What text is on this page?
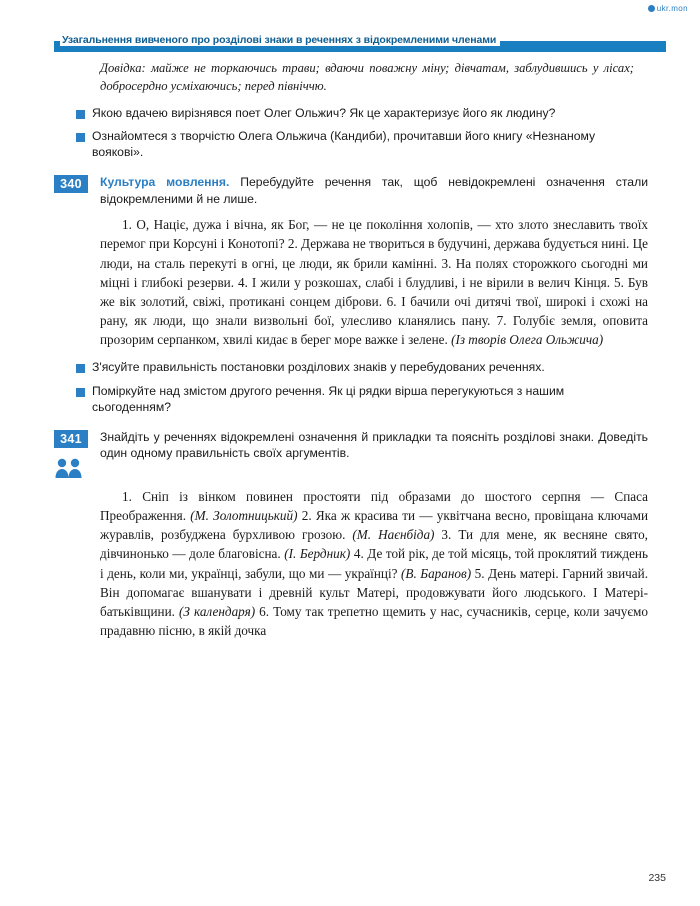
ukr.mon
Узагальнення вивченого про розділові знаки в реченнях з відокремленими членами

Довідка: майже не торкаючись трави; вдаючи поважну міну; дівчатам, заблудившись у лісах; добросердно усміхаючись; перед північчю.

Якою вдачею вирізнявся поет Олег Ольжич? Як це характеризує його як людину?
Ознайомтеся з творчістю Олега Ольжича (Кандиби), прочитавши його книгу «Незнаному вояковi».
340	Культура мовлення. Перебудуйте речення так, щоб невідокремлені означення стали відокремленими й не лише.

1. О, Націє, дужа і вічна, як Бог, — не це покоління холопів, — хто злото знеславить твоїх перемог при Корсуні і Конотопі? 2. Держава не твориться в будучині, держава будується нині. Це люди, на сталь перекуті в огні, це люди, як брили камінні. 3. На полях сторожкого сьогодні ми міцні і глибокі резерви. 4. І жили у розкошах, слабі і блудливі, і не вірили в велич Кінця. 5. Був же вік золотий, свіжі, протикані сонцем діброви. 6. І бачили очі дитячі твої, широкі і схожі на рану, як люди, що знали визвольні бої, улесливо кланялись пану. 7. Голубіє земля, оповита прозорим серпанком, хвилі кидає в берег море важке і зелене. (Із творів Олега Ольжича)

З'ясуйте правильність постановки розділових знаків у перебудованих реченнях.
Поміркуйте над змістом другого речення. Як ці рядки вірша перегукуються з нашим сьогоденням?
341	Знайдіть у реченнях відокремлені означення й прикладки та поясніть розділові знаки. Доведіть один одному правильність своїх аргументів.

1. Сніп із вінком повинен простояти під образами до шостого серпня — Спаса Преображення. (М. Золотницький) 2. Яка ж красива ти — уквітчана весно, провіщана ключами журавлів, розбуджена бурхливою грозою. (М. Наєнбіда) 3. Ти для мене, як весняне свято, дівчинонько — доле благовісна. (І. Бердник) 4. Де той рік, де той місяць, той проклятий тиждень і день, коли ми, українці, забули, що ми — українці? (В. Баранов) 5. День матері. Гарний звичай. Він допомагає вшанувати і древній культ Матері, продовжувати його людського. І Матері-батьківщини. (З календаря) 6. Тому так трепетно щемить у нас, сучасників, серце, коли зачуємо прадавню пісню, в якій дочка

235
